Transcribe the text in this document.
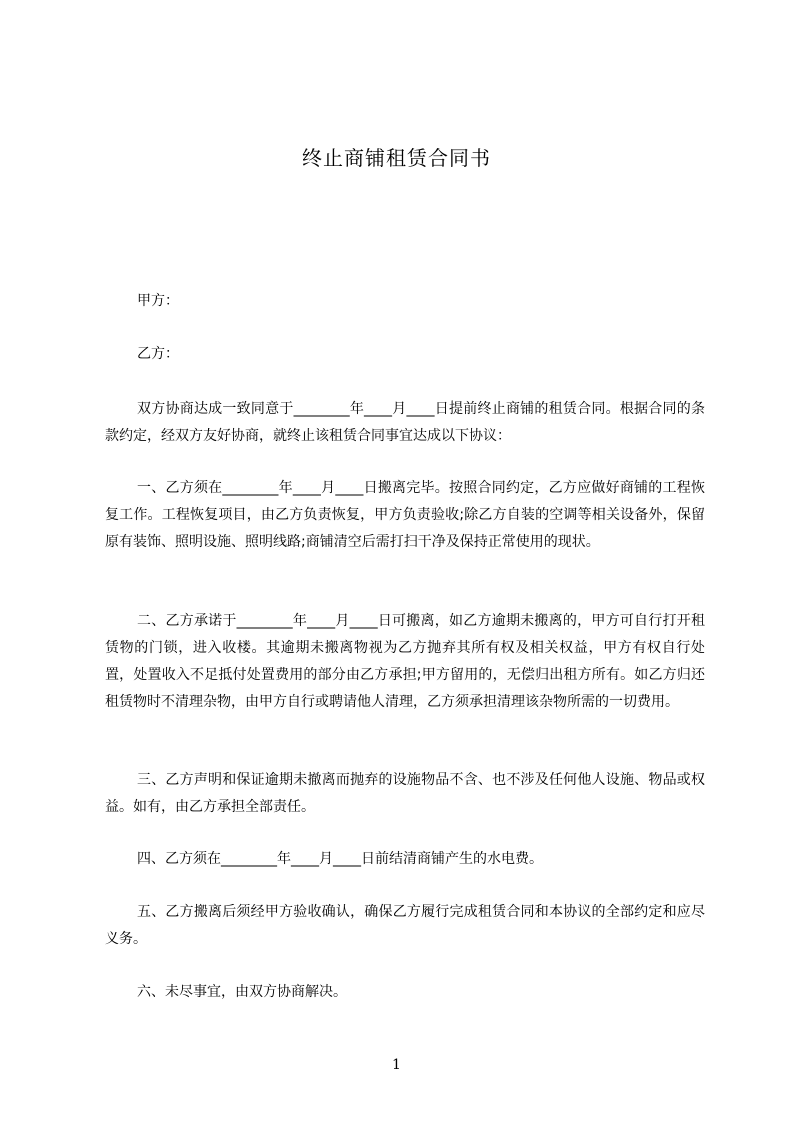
终止商铺租赁合同书
甲方：
乙方：

双方协商达成一致同意于________年____月____日提前终止商铺的租赁合同。根据合同的条款约定，经双方友好协商，就终止该租赁合同事宜达成以下协议：

一、乙方须在________年____月____日搬离完毕。按照合同约定，乙方应做好商铺的工程恢复工作。工程恢复项目，由乙方负责恢复，甲方负责验收;除乙方自装的空调等相关设备外，保留原有装饰、照明设施、照明线路;商铺清空后需打扫干净及保持正常使用的现状。

二、乙方承诺于________年____月____日可搬离，如乙方逾期未搬离的，甲方可自行打开租赁物的门锁，进入收楼。其逾期未搬离物视为乙方抛弃其所有权及相关权益，甲方有权自行处置，处置收入不足抵付处置费用的部分由乙方承担;甲方留用的，无偿归出租方所有。如乙方归还租赁物时不清理杂物，由甲方自行或聘请他人清理，乙方须承担清理该杂物所需的一切费用。

三、乙方声明和保证逾期未撤离而抛弃的设施物品不含、也不涉及任何他人设施、物品或权益。如有，由乙方承担全部责任。

四、乙方须在________年____月____日前结清商铺产生的水电费。

五、乙方搬离后须经甲方验收确认，确保乙方履行完成租赁合同和本协议的全部约定和应尽义务。

六、未尽事宜，由双方协商解决。

1
